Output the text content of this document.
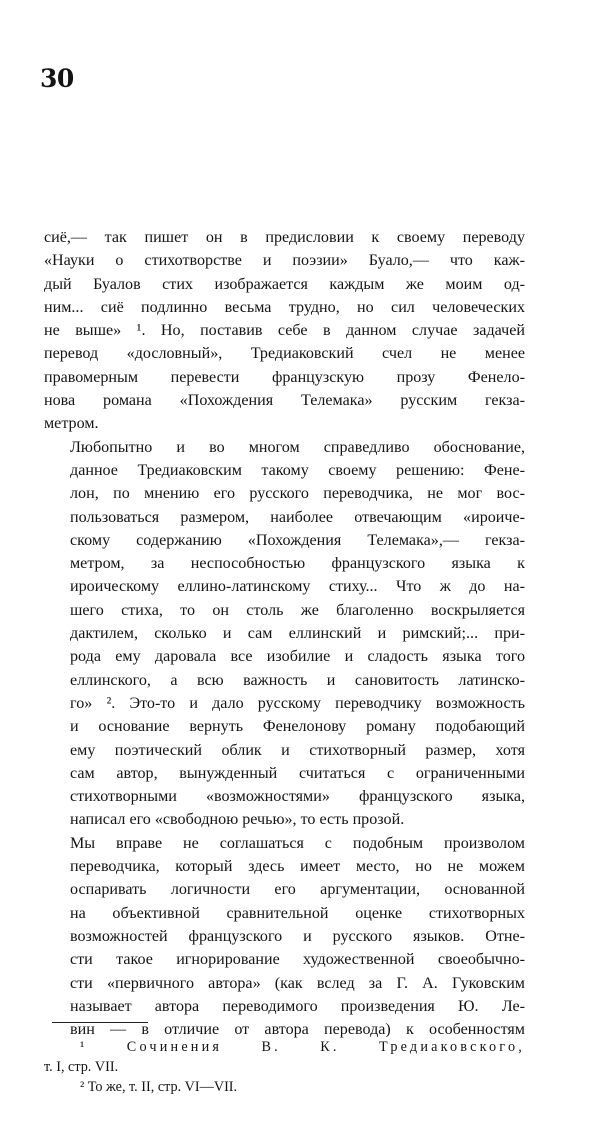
30

сиё,— так пишет он в предисловии к своему переводу
«Науки о стихотворстве и поэзии» Буало,— что каж-
дый Буалов стих изображается каждым же моим од-
ним... сиё подлинно весьма трудно, но сил человеческих
не выше» ¹. Но, поставив себе в данном случае задачей
перевод «дословный», Тредиаковский счел не менее
правомерным перевести французскую прозу Фенело-
нова романа «Похождения Телемака» русским гекза-
метром.

Любопытно и во многом справедливо обоснование,
данное Тредиаковским такому своему решению: Фене-
лон, по мнению его русского переводчика, не мог вос-
пользоваться размером, наиболее отвечающим «ироиче-
скому содержанию «Похождения Телемака»,— гекза-
метром, за неспособностью французского языка к
ироическому еллино-латинскому стиху... Что ж до на-
шего стиха, то он столь же благоленно воскрыляется
дактилем, сколько и сам еллинский и римский;... при-
рода ему даровала все изобилие и сладость языка того
еллинского, а всю важность и сановитость латинско-
го» ². Это-то и дало русскому переводчику возможность
и основание вернуть Фенелонову роману подобающий
ему поэтический облик и стихотворный размер, хотя
сам автор, вынужденный считаться с ограниченными
стихотворными «возможностями» французского языка,
написал его «свободною речью», то есть прозой.

Мы вправе не соглашаться с подобным произволом
переводчика, который здесь имеет место, но не можем
оспаривать логичности его аргументации, основанной
на объективной сравнительной оценке стихотворных
возможностей французского и русского языков. Отне-
сти такое игнорирование художественной своеобычно-
сти «первичного автора» (как вслед за Г. А. Гуковским
называет автора переводимого произведения Ю. Ле-
вин — в отличие от автора перевода) к особенностям

¹ Сочинения В. К. Тредиаковского,
т. I, стр. VII.
² То же, т. II, стр. VI—VII.
